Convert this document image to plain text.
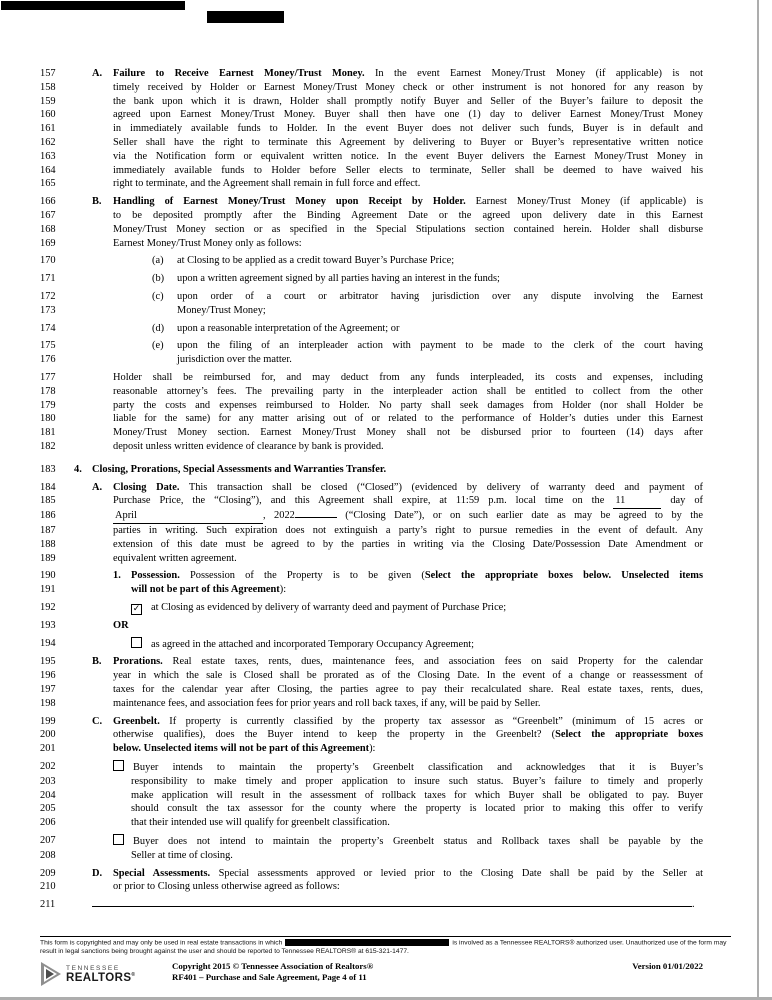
157	A. Failure to Receive Earnest Money/Trust Money. In the event Earnest Money/Trust Money (if applicable) is not
158	timely received by Holder or Earnest Money/Trust Money check or other instrument is not honored for any reason by
159	the bank upon which it is drawn, Holder shall promptly notify Buyer and Seller of the Buyer’s failure to deposit the
160	agreed upon Earnest Money/Trust Money. Buyer shall then have one (1) day to deliver Earnest Money/Trust Money
161	in immediately available funds to Holder. In the event Buyer does not deliver such funds, Buyer is in default and
162	Seller shall have the right to terminate this Agreement by delivering to Buyer or Buyer’s representative written notice
163	via the Notification form or equivalent written notice. In the event Buyer delivers the Earnest Money/Trust Money in
164	immediately available funds to Holder before Seller elects to terminate, Seller shall be deemed to have waived his
165	right to terminate, and the Agreement shall remain in full force and effect.
166	B. Handling of Earnest Money/Trust Money upon Receipt by Holder. Earnest Money/Trust Money (if applicable) is
167	to be deposited promptly after the Binding Agreement Date or the agreed upon delivery date in this Earnest
168	Money/Trust Money section or as specified in the Special Stipulations section contained herein. Holder shall disburse
169	Earnest Money/Trust Money only as follows:
170	(a) at Closing to be applied as a credit toward Buyer’s Purchase Price;
171	(b) upon a written agreement signed by all parties having an interest in the funds;
172	(c) upon order of a court or arbitrator having jurisdiction over any dispute involving the Earnest
173	Money/Trust Money;
174	(d) upon a reasonable interpretation of the Agreement; or
175	(e) upon the filing of an interpleader action with payment to be made to the clerk of the court having
176	jurisdiction over the matter.
177	Holder shall be reimbursed for, and may deduct from any funds interpleaded, its costs and expenses, including
178	reasonable attorney’s fees. The prevailing party in the interpleader action shall be entitled to collect from the other
179	party the costs and expenses reimbursed to Holder. No party shall seek damages from Holder (nor shall Holder be
180	liable for the same) for any matter arising out of or related to the performance of Holder’s duties under this Earnest
181	Money/Trust Money section. Earnest Money/Trust Money shall not be disbursed prior to fourteen (14) days after
182	deposit unless written evidence of clearance by bank is provided.
183 4. Closing, Prorations, Special Assessments and Warranties Transfer.
184	A. Closing Date. This transaction shall be closed (“Closed”) (evidenced by delivery of warranty deed and payment of
185	Purchase Price, the “Closing”), and this Agreement shall expire, at 11:59 p.m. local time on the 11	day of
186	April	, 2022	(“Closing Date”), or on such earlier date as may be agreed to by the
187	parties in writing. Such expiration does not extinguish a party’s right to pursue remedies in the event of default. Any
188	extension of this date must be agreed to by the parties in writing via the Closing Date/Possession Date Amendment or
189	equivalent written agreement.
190	1. Possession. Possession of the Property is to be given (Select the appropriate boxes below. Unselected items
191	will not be part of this Agreement):
192	✓ at Closing as evidenced by delivery of warranty deed and payment of Purchase Price;
193	OR
194	as agreed in the attached and incorporated Temporary Occupancy Agreement;
195	B. Prorations. Real estate taxes, rents, dues, maintenance fees, and association fees on said Property for the calendar
196	year in which the sale is Closed shall be prorated as of the Closing Date. In the event of a change or reassessment of
197	taxes for the calendar year after Closing, the parties agree to pay their recalculated share. Real estate taxes, rents, dues,
198	maintenance fees, and association fees for prior years and roll back taxes, if any, will be paid by Seller.
199	C. Greenbelt. If property is currently classified by the property tax assessor as “Greenbelt” (minimum of 15 acres or
200	otherwise qualifies), does the Buyer intend to keep the property in the Greenbelt? (Select the appropriate boxes
201	below. Unselected items will not be part of this Agreement):
202	Buyer intends to maintain the property’s Greenbelt classification and acknowledges that it is Buyer’s
203	responsibility to make timely and proper application to insure such status. Buyer’s failure to timely and properly
204	make application will result in the assessment of rollback taxes for which Buyer shall be obligated to pay. Buyer
205	should consult the tax assessor for the county where the property is located prior to making this offer to verify
206	that their intended use will qualify for greenbelt classification.
207	Buyer does not intend to maintain the property’s Greenbelt status and Rollback taxes shall be payable by the
208	Seller at time of closing.
209	D. Special Assessments. Special assessments approved or levied prior to the Closing Date shall be paid by the Seller at
210	or prior to Closing unless otherwise agreed as follows:
211	.
This form is copyrighted and may only be used in real estate transactions in which	is involved as a Tennessee REALTORS® authorized user. Unauthorized use of the form may result in legal sanctions being brought against the user and should be reported to Tennessee REALTORS® at 615-321-1477.
TENNESSEE
REALTORS®
Copyright 2015 © Tennessee Association of Realtors®
RF401 – Purchase and Sale Agreement, Page 4 of 11
Version 01/01/2022
